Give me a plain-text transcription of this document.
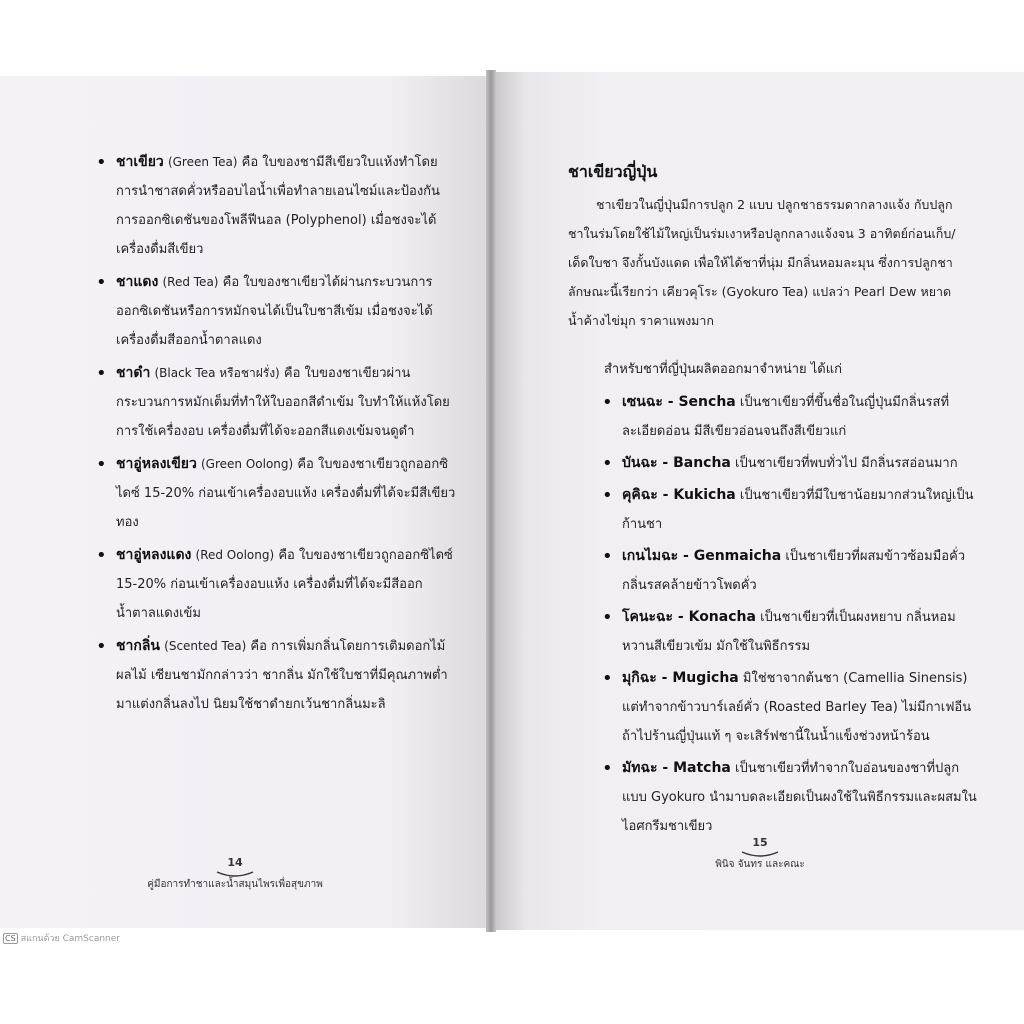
• ชาเขียว (Green Tea) คือ ใบของชามีสีเขียวใบแห้งทำโดยการนำชาสดคั่วหรืออบไอน้ำเพื่อทำลายเอนไซม์และป้องกันการออกซิเดชันของโพลีฟีนอล (Polyphenol) เมื่อชงจะได้เครื่องดื่มสีเขียว
• ชาแดง (Red Tea) คือ ใบของชาเขียวได้ผ่านกระบวนการออกซิเดชันหรือการหมักจนได้เป็นใบชาสีเข้ม เมื่อชงจะได้เครื่องดื่มสีออกน้ำตาลแดง
• ชาดำ (Black Tea หรือชาฝรั่ง) คือ ใบของชาเขียวผ่านกระบวนการหมักเต็มที่ทำให้ใบออกสีดำเข้ม ใบทำให้แห้งโดยการใช้เครื่องอบ เครื่องดื่มที่ได้จะออกสีแดงเข้มจนดูดำ
• ชาอู่หลงเขียว (Green Oolong) คือ ใบของชาเขียวถูกออกซิไดซ์ 15-20% ก่อนเข้าเครื่องอบแห้ง เครื่องดื่มที่ได้จะมีสีเขียวทอง
• ชาอู่หลงแดง (Red Oolong) คือ ใบของชาเขียวถูกออกซิไดซ์ 15-20% ก่อนเข้าเครื่องอบแห้ง เครื่องดื่มที่ได้จะมีสีออกน้ำตาลแดงเข้ม
• ชากลิ่น (Scented Tea) คือ การเพิ่มกลิ่นโดยการเติมดอกไม้ ผลไม้ เซียนชามักกล่าวว่า ชากลิ่น มักใช้ใบชาที่มีคุณภาพต่ำมาแต่งกลิ่นลงไป นิยมใช้ชาดำยกเว้นชากลิ่นมะลิ
14
คู่มือการทำชาและน้ำสมุนไพรเพื่อสุขภาพ
ชาเขียวญี่ปุ่น

ชาเขียวในญี่ปุ่นมีการปลูก 2 แบบ ปลูกชาธรรมดากลางแจ้ง กับปลูกชาในร่มโดยใช้ไม้ใหญ่เป็นร่มเงาหรือปลูกกลางแจ้งจน 3 อาทิตย์ก่อนเก็บ/เด็ดใบชา จึงกั้นบังแดด เพื่อให้ได้ชาที่นุ่ม มีกลิ่นหอมละมุน ซึ่งการปลูกชาลักษณะนี้เรียกว่า เคียวคุโระ (Gyokuro Tea) แปลว่า Pearl Dew หยาดน้ำค้างไข่มุก ราคาแพงมาก

สำหรับชาที่ญี่ปุ่นผลิตออกมาจำหน่าย ได้แก่
• เซนฉะ - Sencha เป็นชาเขียวที่ขึ้นชื่อในญี่ปุ่นมีกลิ่นรสที่ละเอียดอ่อน มีสีเขียวอ่อนจนถึงสีเขียวแก่
• บันฉะ - Bancha เป็นชาเขียวที่พบทั่วไป มีกลิ่นรสอ่อนมาก
• คุคิฉะ - Kukicha เป็นชาเขียวที่มีใบชาน้อยมากส่วนใหญ่เป็นก้านชา
• เกนไมฉะ - Genmaicha เป็นชาเขียวที่ผสมข้าวซ้อมมือคั่ว กลิ่นรสคล้ายข้าวโพดคั่ว
• โคนะฉะ - Konacha เป็นชาเขียวที่เป็นผงหยาบ กลิ่นหอมหวานสีเขียวเข้ม มักใช้ในพิธีกรรม
• มุกิฉะ - Mugicha มิใช่ชาจากต้นชา (Camellia Sinensis) แต่ทำจากข้าวบาร์เลย์คั่ว (Roasted Barley Tea) ไม่มีกาเฟอีน ถ้าไปร้านญี่ปุ่นแท้ ๆ จะเสิร์ฟชานี้ในน้ำแข็งช่วงหน้าร้อน
• มัทฉะ - Matcha เป็นชาเขียวที่ทำจากใบอ่อนของชาที่ปลูกแบบ Gyokuro นำมาบดละเอียดเป็นผงใช้ในพิธีกรรมและผสมในไอศกรีมชาเขียว
15
พินิจ จันทร และคณะ
CS สแกนด้วย CamScanner
